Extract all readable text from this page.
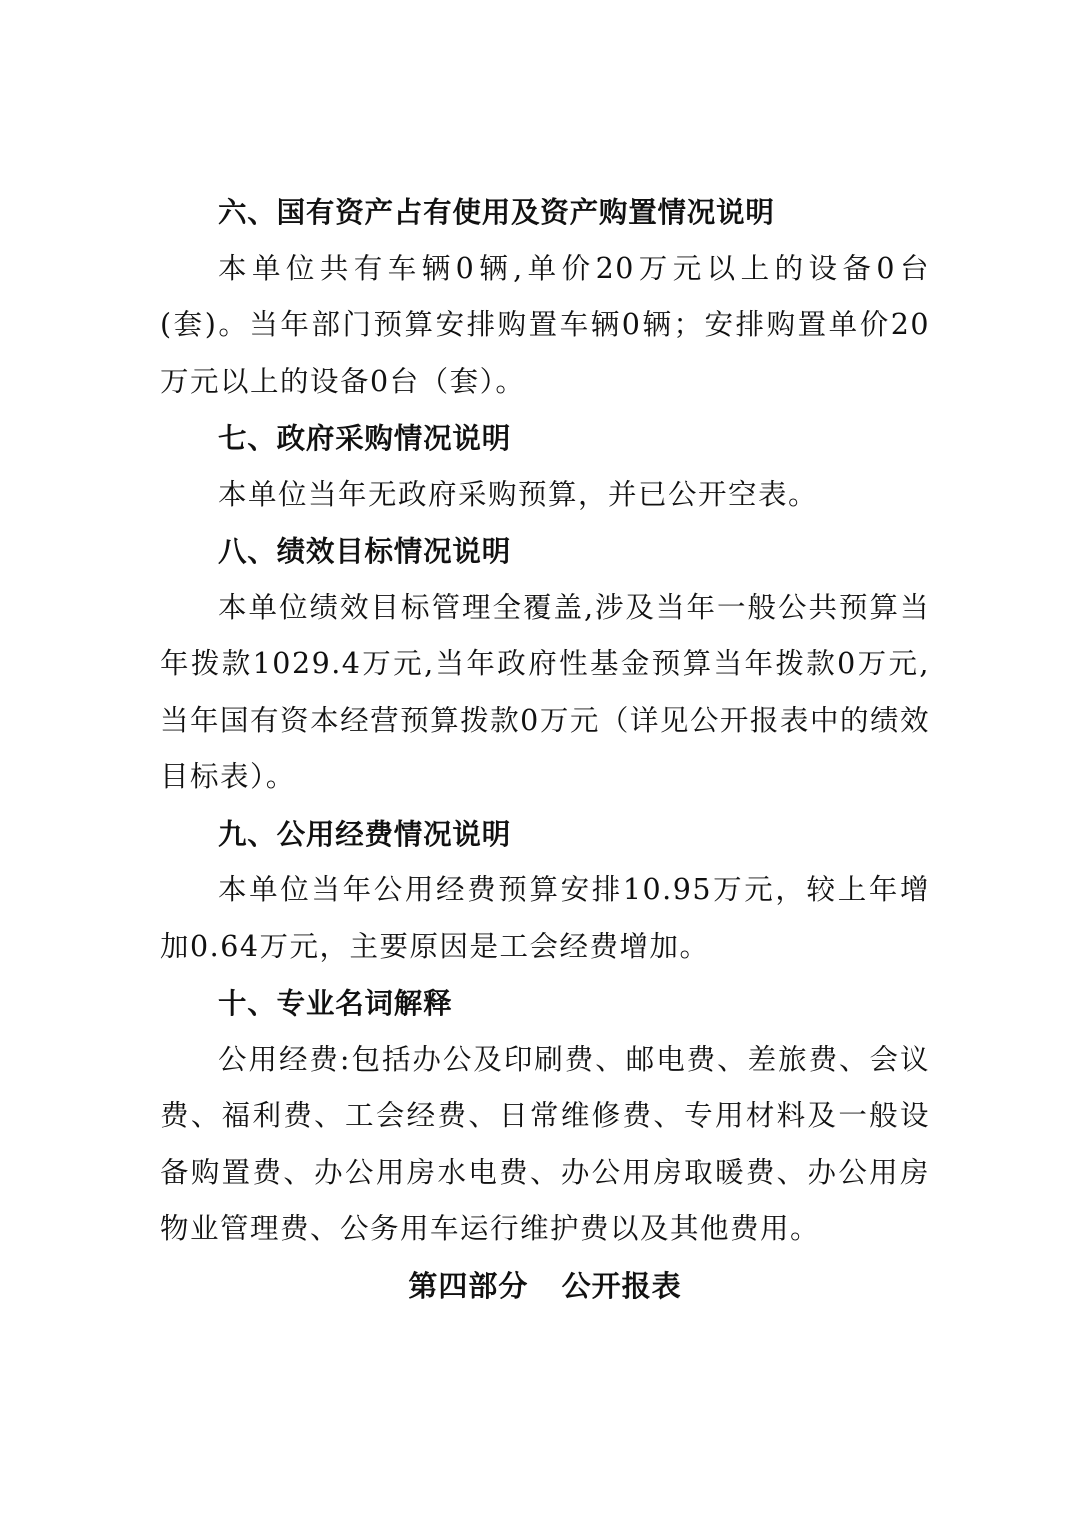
六、国有资产占有使用及资产购置情况说明

本单位共有车辆0辆,单价20万元以上的设备0台(套)。当年部门预算安排购置车辆0辆；安排购置单价20万元以上的设备0台（套）。

七、政府采购情况说明

本单位当年无政府采购预算，并已公开空表。

八、绩效目标情况说明

本单位绩效目标管理全覆盖,涉及当年一般公共预算当年拨款1029.4万元,当年政府性基金预算当年拨款0万元,当年国有资本经营预算拨款0万元（详见公开报表中的绩效目标表）。

九、公用经费情况说明

本单位当年公用经费预算安排10.95万元，较上年增加0.64万元，主要原因是工会经费增加。

十、专业名词解释

公用经费:包括办公及印刷费、邮电费、差旅费、会议费、福利费、工会经费、日常维修费、专用材料及一般设备购置费、办公用房水电费、办公用房取暖费、办公用房物业管理费、公务用车运行维护费以及其他费用。

第四部分   公开报表
